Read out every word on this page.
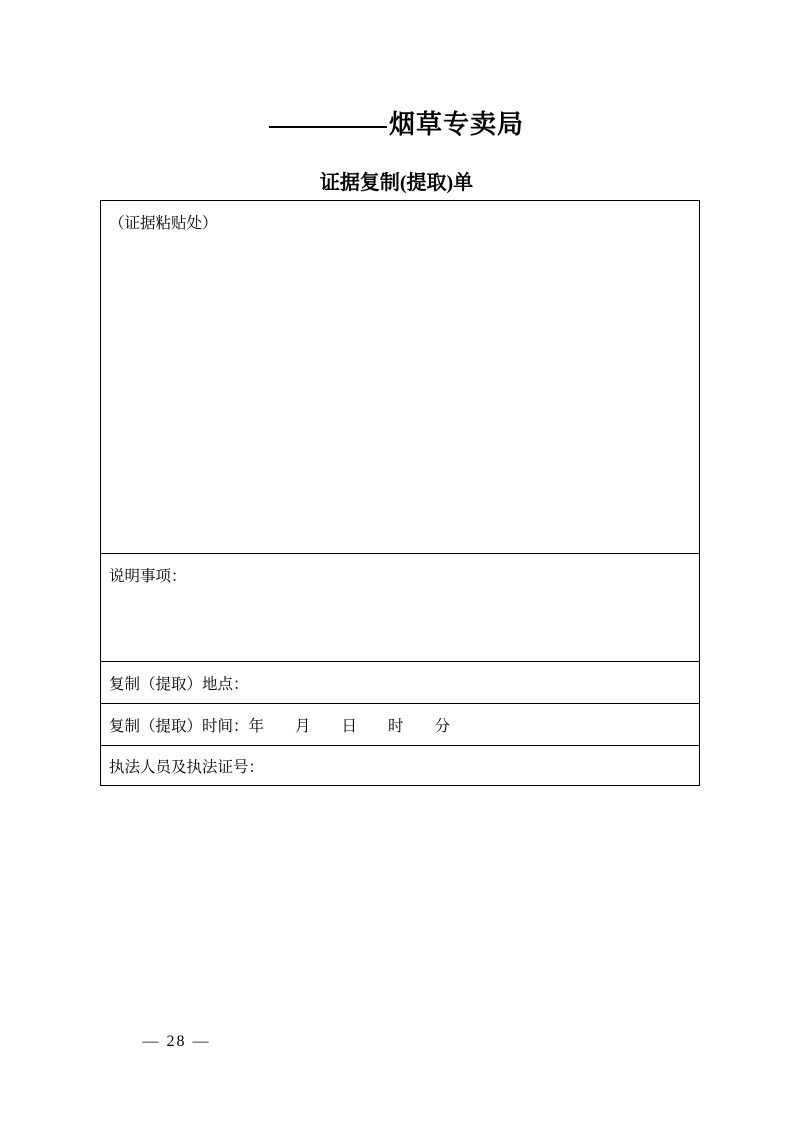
烟草专卖局
证据复制(提取)单
（证据粘贴处）
说明事项：
复制（提取）地点：
复制（提取）时间：年        月        日        时        分
执法人员及执法证号：
— 28 —
